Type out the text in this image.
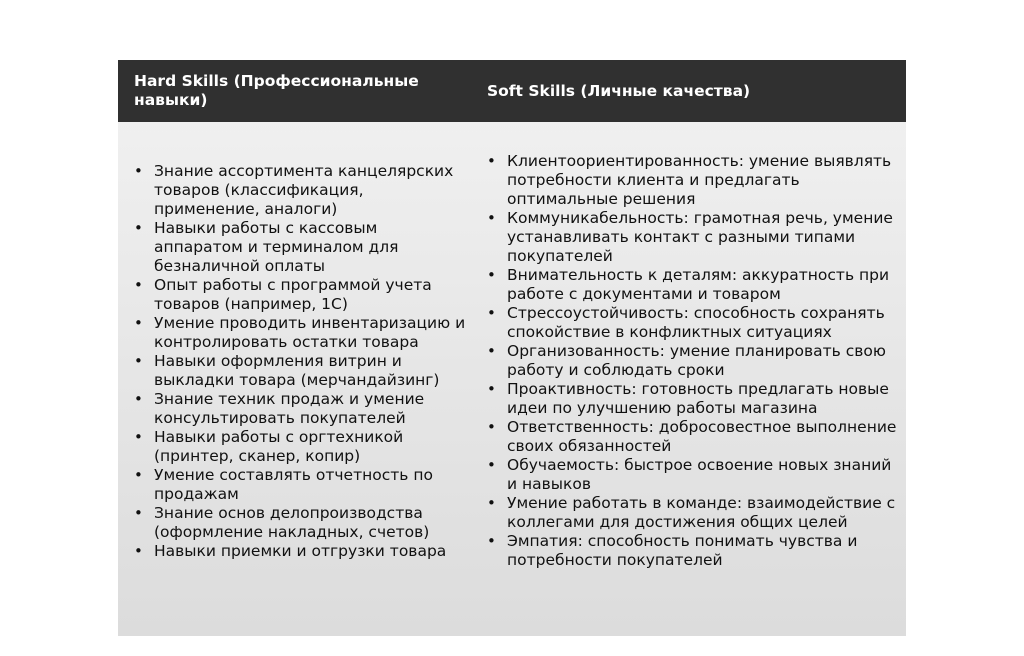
Hard Skills (Профессиональные навыки)
Soft Skills (Личные качества)
• Знание ассортимента канцелярских товаров (классификация, применение, аналоги)
• Навыки работы с кассовым аппаратом и терминалом для безналичной оплаты
• Опыт работы с программой учета товаров (например, 1С)
• Умение проводить инвентаризацию и контролировать остатки товара
• Навыки оформления витрин и выкладки товара (мерчандайзинг)
• Знание техник продаж и умение консультировать покупателей
• Навыки работы с оргтехникой (принтер, сканер, копир)
• Умение составлять отчетность по продажам
• Знание основ делопроизводства (оформление накладных, счетов)
• Навыки приемки и отгрузки товара
• Клиентоориентированность: умение выявлять потребности клиента и предлагать оптимальные решения
• Коммуникабельность: грамотная речь, умение устанавливать контакт с разными типами покупателей
• Внимательность к деталям: аккуратность при работе с документами и товаром
• Стрессоустойчивость: способность сохранять спокойствие в конфликтных ситуациях
• Организованность: умение планировать свою работу и соблюдать сроки
• Проактивность: готовность предлагать новые идеи по улучшению работы магазина
• Ответственность: добросовестное выполнение своих обязанностей
• Обучаемость: быстрое освоение новых знаний и навыков
• Умение работать в команде: взаимодействие с коллегами для достижения общих целей
• Эмпатия: способность понимать чувства и потребности покупателей
